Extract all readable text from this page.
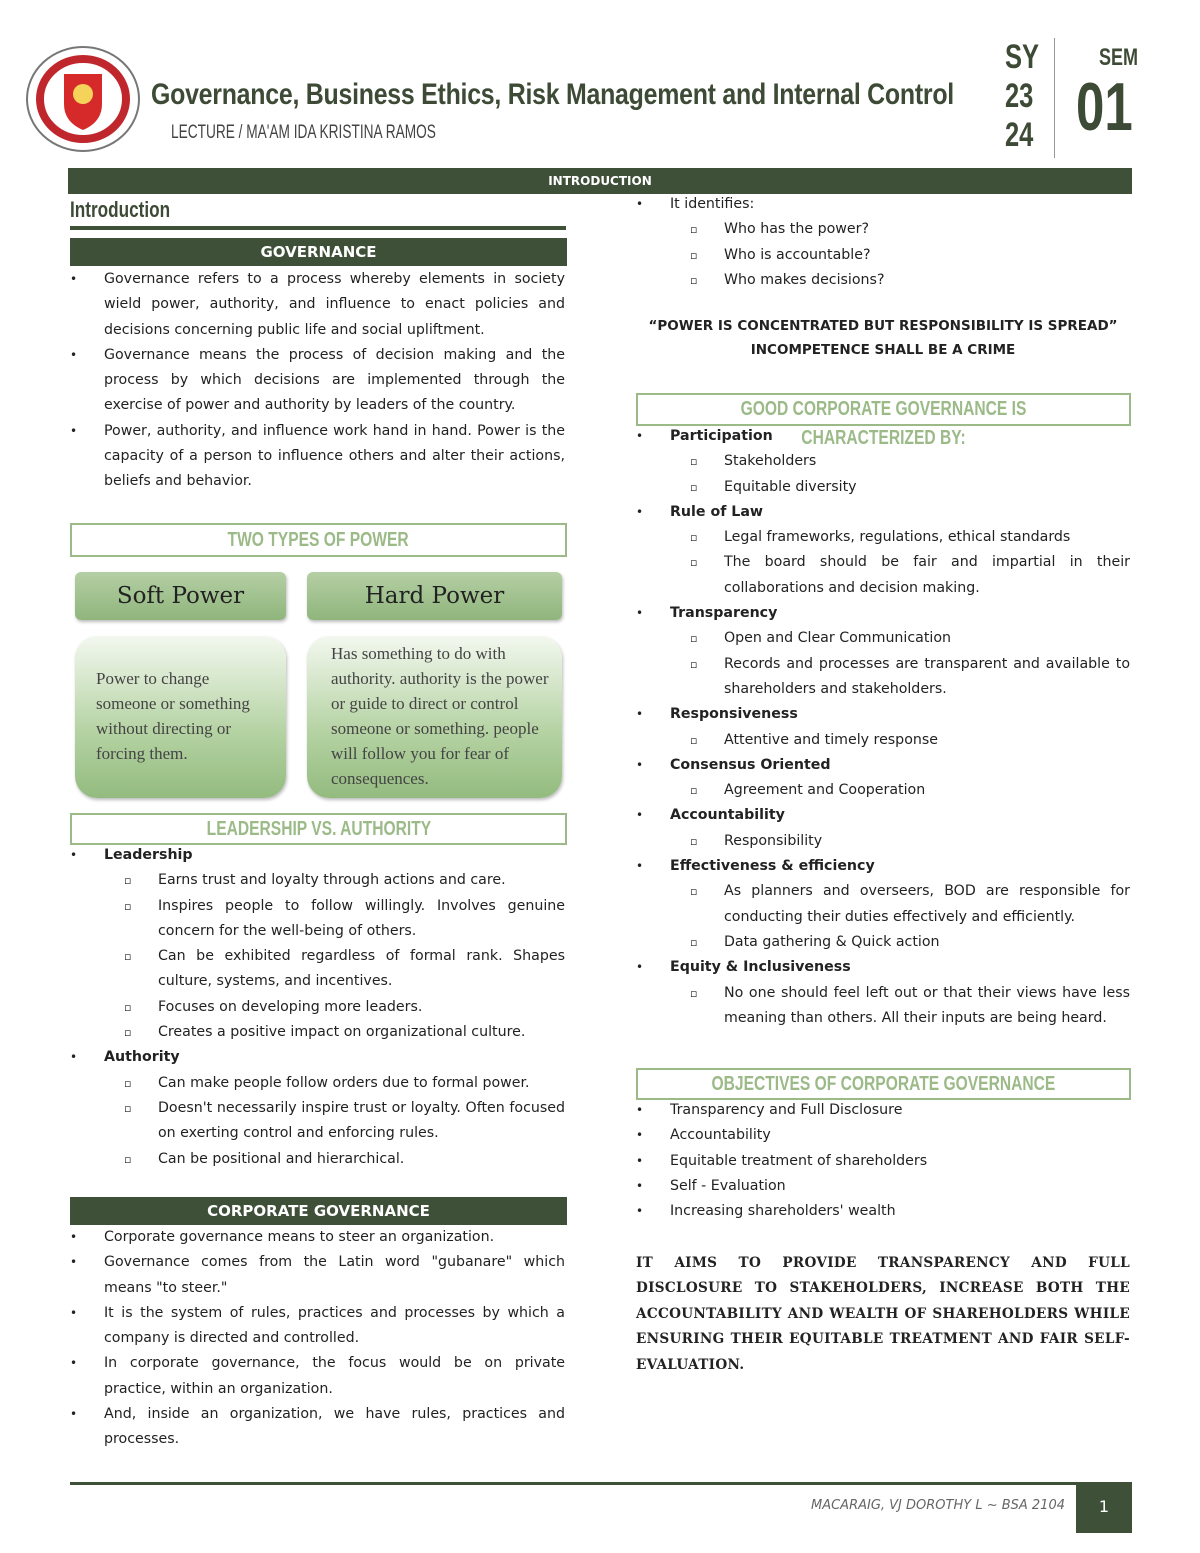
Governance, Business Ethics, Risk Management and Internal Control
LECTURE / MA'AM IDA KRISTINA RAMOS
SY
23
24
SEM
01
INTRODUCTION
Introduction
GOVERNANCE
• Governance refers to a process whereby elements in society wield power, authority, and influence to enact policies and decisions concerning public life and social upliftment.
• Governance means the process of decision making and the process by which decisions are implemented through the exercise of power and authority by leaders of the country.
• Power, authority, and influence work hand in hand. Power is the capacity of a person to influence others and alter their actions, beliefs and behavior.
TWO TYPES OF POWER
Soft Power	Hard Power
Power to change someone or something without directing or forcing them.
Has something to do with authority. authority is the power or guide to direct or control someone or something. people will follow you for fear of consequences.
LEADERSHIP VS. AUTHORITY
• Leadership
▫ Earns trust and loyalty through actions and care.
▫ Inspires people to follow willingly. Involves genuine concern for the well-being of others.
▫ Can be exhibited regardless of formal rank. Shapes culture, systems, and incentives.
▫ Focuses on developing more leaders.
▫ Creates a positive impact on organizational culture.
• Authority
▫ Can make people follow orders due to formal power.
▫ Doesn't necessarily inspire trust or loyalty. Often focused on exerting control and enforcing rules.
▫ Can be positional and hierarchical.
CORPORATE GOVERNANCE
• Corporate governance means to steer an organization.
• Governance comes from the Latin word "gubanare" which means "to steer."
• It is the system of rules, practices and processes by which a company is directed and controlled.
• In corporate governance, the focus would be on private practice, within an organization.
• And, inside an organization, we have rules, practices and processes.
• It identifies:
▫ Who has the power?
▫ Who is accountable?
▫ Who makes decisions?
“POWER IS CONCENTRATED BUT RESPONSIBILITY IS SPREAD”
INCOMPETENCE SHALL BE A CRIME
GOOD CORPORATE GOVERNANCE IS CHARACTERIZED BY:
• Participation
▫ Stakeholders
▫ Equitable diversity
• Rule of Law
▫ Legal frameworks, regulations, ethical standards
▫ The board should be fair and impartial in their collaborations and decision making.
• Transparency
▫ Open and Clear Communication
▫ Records and processes are transparent and available to shareholders and stakeholders.
• Responsiveness
▫ Attentive and timely response
• Consensus Oriented
▫ Agreement and Cooperation
• Accountability
▫ Responsibility
• Effectiveness & efficiency
▫ As planners and overseers, BOD are responsible for conducting their duties effectively and efficiently.
▫ Data gathering & Quick action
• Equity & Inclusiveness
▫ No one should feel left out or that their views have less meaning than others. All their inputs are being heard.
OBJECTIVES OF CORPORATE GOVERNANCE
• Transparency and Full Disclosure
• Accountability
• Equitable treatment of shareholders
• Self - Evaluation
• Increasing shareholders' wealth
IT AIMS TO PROVIDE TRANSPARENCY AND FULL DISCLOSURE TO STAKEHOLDERS, INCREASE BOTH THE ACCOUNTABILITY AND WEALTH OF SHAREHOLDERS WHILE ENSURING THEIR EQUITABLE TREATMENT AND FAIR SELF-EVALUATION.
MACARAIG, VJ DOROTHY L ~ BSA 2104	1
